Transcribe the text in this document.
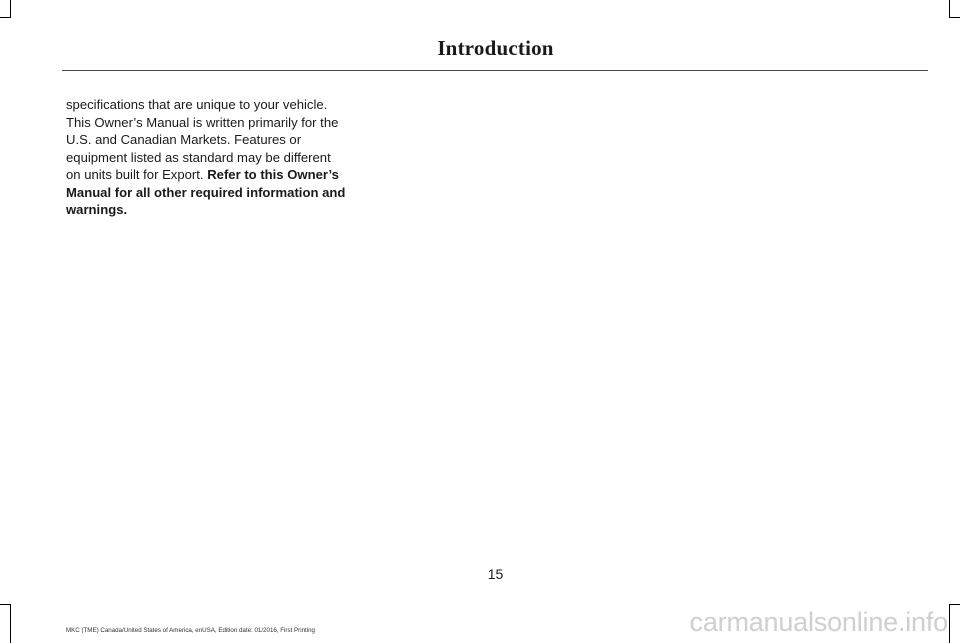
Introduction
specifications that are unique to your vehicle. This Owner’s Manual is written primarily for the U.S. and Canadian Markets. Features or equipment listed as standard may be different on units built for Export. Refer to this Owner’s Manual for all other required information and warnings.
15
MKC (TME) Canada/United States of America, enUSA, Edition date: 01/2016, First Printing	carmanualsonline.info
